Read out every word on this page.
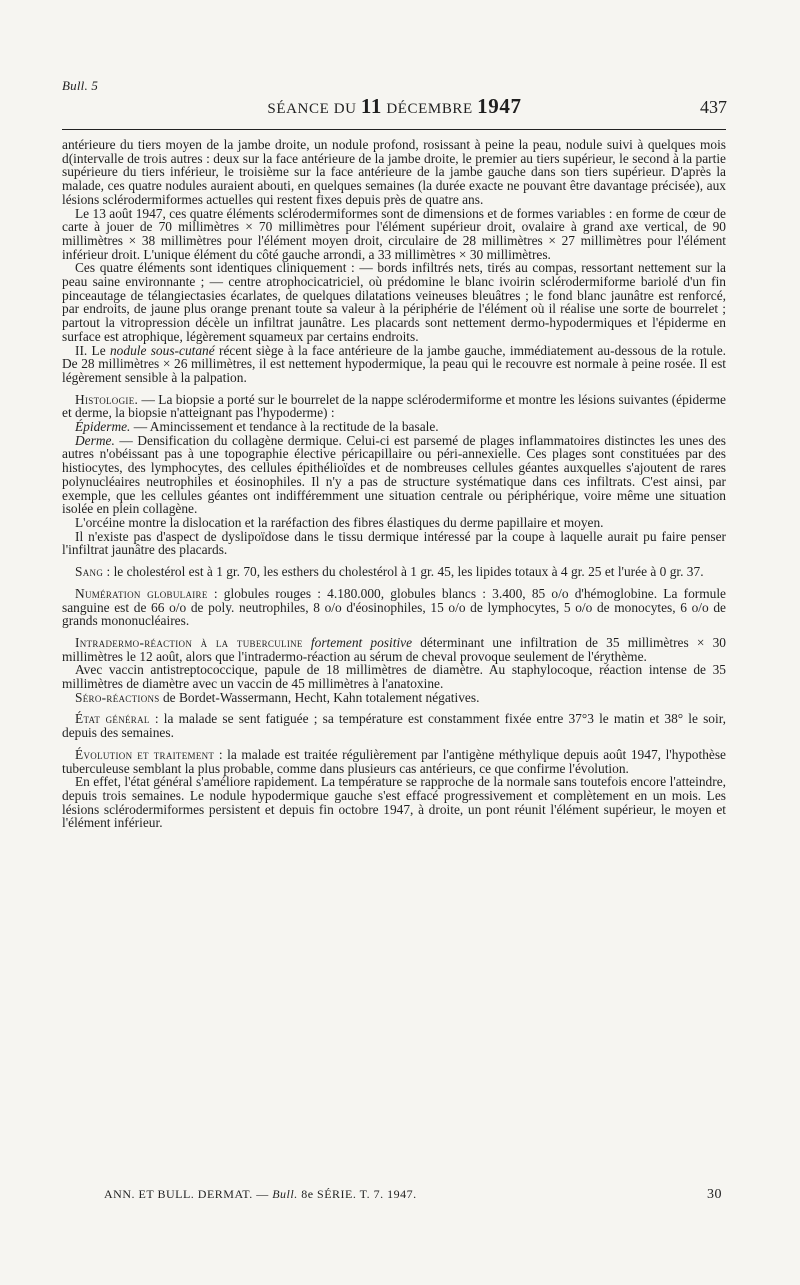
Bull. 5
SÉANCE DU 11 DÉCEMBRE 1947	437

antérieure du tiers moyen de la jambe droite, un nodule profond, rosissant à peine la peau, nodule suivi à quelques mois d(intervalle de trois autres : deux sur la face antérieure de la jambe droite, le premier au tiers supérieur, le second à la partie supérieure du tiers inférieur, le troisième sur la face antérieure de la jambe gauche dans son tiers supérieur. D'après la malade, ces quatre nodules auraient abouti, en quelques semaines (la durée exacte ne pouvant être davantage précisée), aux lésions sclérodermiformes actuelles qui restent fixes depuis près de quatre ans.

Le 13 août 1947, ces quatre éléments sclérodermiformes sont de dimensions et de formes variables : en forme de cœur de carte à jouer de 70 millimètres × 70 millimètres pour l'élément supérieur droit, ovalaire à grand axe vertical, de 90 millimètres × 38 millimètres pour l'élément moyen droit, circulaire de 28 millimètres × 27 millimètres pour l'élément inférieur droit. L'unique élément du côté gauche arrondi, a 33 millimètres × 30 millimètres.

Ces quatre éléments sont identiques cliniquement : — bords infiltrés nets, tirés au compas, ressortant nettement sur la peau saine environnante ; — centre atrophocicatriciel, où prédomine le blanc ivoirin sclérodermiforme bariolé d'un fin pinceautage de télangiectasies écarlates, de quelques dilatations veineuses bleuâtres ; le fond blanc jaunâtre est renforcé, par endroits, de jaune plus orange prenant toute sa valeur à la périphérie de l'élément où il réalise une sorte de bourrelet ; partout la vitropression décèle un infiltrat jaunâtre. Les placards sont nettement dermo-hypodermiques et l'épiderme en surface est atrophique, légèrement squameux par certains endroits.

II. Le nodule sous-cutané récent siège à la face antérieure de la jambe gauche, immédiatement au-dessous de la rotule. De 28 millimètres × 26 millimètres, il est nettement hypodermique, la peau qui le recouvre est normale à peine rosée. Il est légèrement sensible à la palpation.

Histologie. — La biopsie a porté sur le bourrelet de la nappe sclérodermiforme et montre les lésions suivantes (épiderme et derme, la biopsie n'atteignant pas l'hypoderme) :

Épiderme. — Amincissement et tendance à la rectitude de la basale.

Derme. — Densification du collagène dermique. Celui-ci est parsemé de plages inflammatoires distinctes les unes des autres n'obéissant pas à une topographie élective péricapillaire ou péri-annexielle. Ces plages sont constituées par des histiocytes, des lymphocytes, des cellules épithélioïdes et de nombreuses cellules géantes auxquelles s'ajoutent de rares polynucléaires neutrophiles et éosinophiles. Il n'y a pas de structure systématique dans ces infiltrats. C'est ainsi, par exemple, que les cellules géantes ont indifféremment une situation centrale ou périphérique, voire même une situation isolée en plein collagène.

L'orcéine montre la dislocation et la raréfaction des fibres élastiques du derme papillaire et moyen.

Il n'existe pas d'aspect de dyslipoïdose dans le tissu dermique intéressé par la coupe à laquelle aurait pu faire penser l'infiltrat jaunâtre des placards.

Sang : le cholestérol est à 1 gr. 70, les esthers du cholestérol à 1 gr. 45, les lipides totaux à 4 gr. 25 et l'urée à 0 gr. 37.

Numération globulaire : globules rouges : 4.180.000, globules blancs : 3.400, 85 o/o d'hémoglobine. La formule sanguine est de 66 o/o de poly. neutrophiles, 8 o/o d'éosinophiles, 15 o/o de lymphocytes, 5 o/o de monocytes, 6 o/o de grands mononucléaires.

Intradermo-réaction à la tuberculine fortement positive déterminant une infiltration de 35 millimètres × 30 millimètres le 12 août, alors que l'intradermo-réaction au sérum de cheval provoque seulement de l'érythème.

Avec vaccin antistreptococcique, papule de 18 millimètres de diamètre. Au staphylocoque, réaction intense de 35 millimètres de diamètre avec un vaccin de 45 millimètres à l'anatoxine.

Séro-réactions de Bordet-Wassermann, Hecht, Kahn totalement négatives.

État général : la malade se sent fatiguée ; sa température est constamment fixée entre 37°3 le matin et 38° le soir, depuis des semaines.

Évolution et traitement : la malade est traitée régulièrement par l'antigène méthylique depuis août 1947, l'hypothèse tuberculeuse semblant la plus probable, comme dans plusieurs cas antérieurs, ce que confirme l'évolution.

En effet, l'état général s'améliore rapidement. La température se rapproche de la normale sans toutefois encore l'atteindre, depuis trois semaines. Le nodule hypodermique gauche s'est effacé progressivement et complètement en un mois. Les lésions sclérodermiformes persistent et depuis fin octobre 1947, à droite, un pont réunit l'élément supérieur, le moyen et l'élément inférieur.

ANN. ET BULL. DERMAT. — Bull. 8e SÉRIE. T. 7. 1947.	30
